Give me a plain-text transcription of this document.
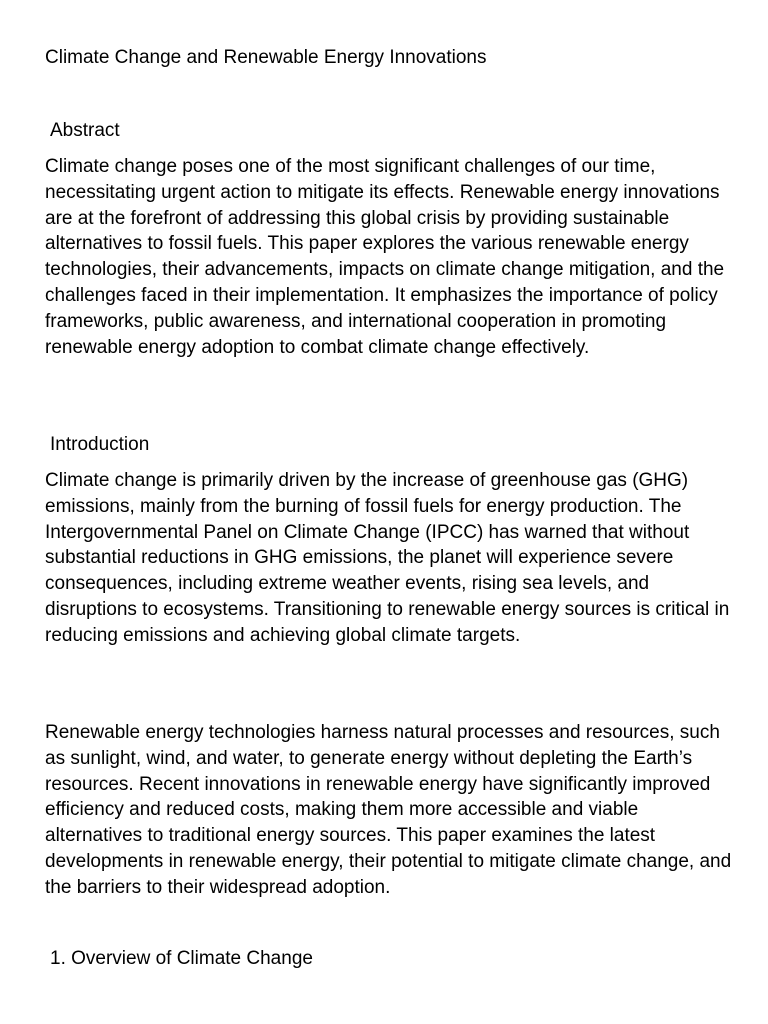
Climate Change and Renewable Energy Innovations
Abstract

Climate change poses one of the most significant challenges of our time, necessitating urgent action to mitigate its effects. Renewable energy innovations are at the forefront of addressing this global crisis by providing sustainable alternatives to fossil fuels. This paper explores the various renewable energy technologies, their advancements, impacts on climate change mitigation, and the challenges faced in their implementation. It emphasizes the importance of policy frameworks, public awareness, and international cooperation in promoting renewable energy adoption to combat climate change effectively.

Introduction

Climate change is primarily driven by the increase of greenhouse gas (GHG) emissions, mainly from the burning of fossil fuels for energy production. The Intergovernmental Panel on Climate Change (IPCC) has warned that without substantial reductions in GHG emissions, the planet will experience severe consequences, including extreme weather events, rising sea levels, and disruptions to ecosystems. Transitioning to renewable energy sources is critical in reducing emissions and achieving global climate targets.

Renewable energy technologies harness natural processes and resources, such as sunlight, wind, and water, to generate energy without depleting the Earth’s resources. Recent innovations in renewable energy have significantly improved efficiency and reduced costs, making them more accessible and viable alternatives to traditional energy sources. This paper examines the latest developments in renewable energy, their potential to mitigate climate change, and the barriers to their widespread adoption.

1. Overview of Climate Change
